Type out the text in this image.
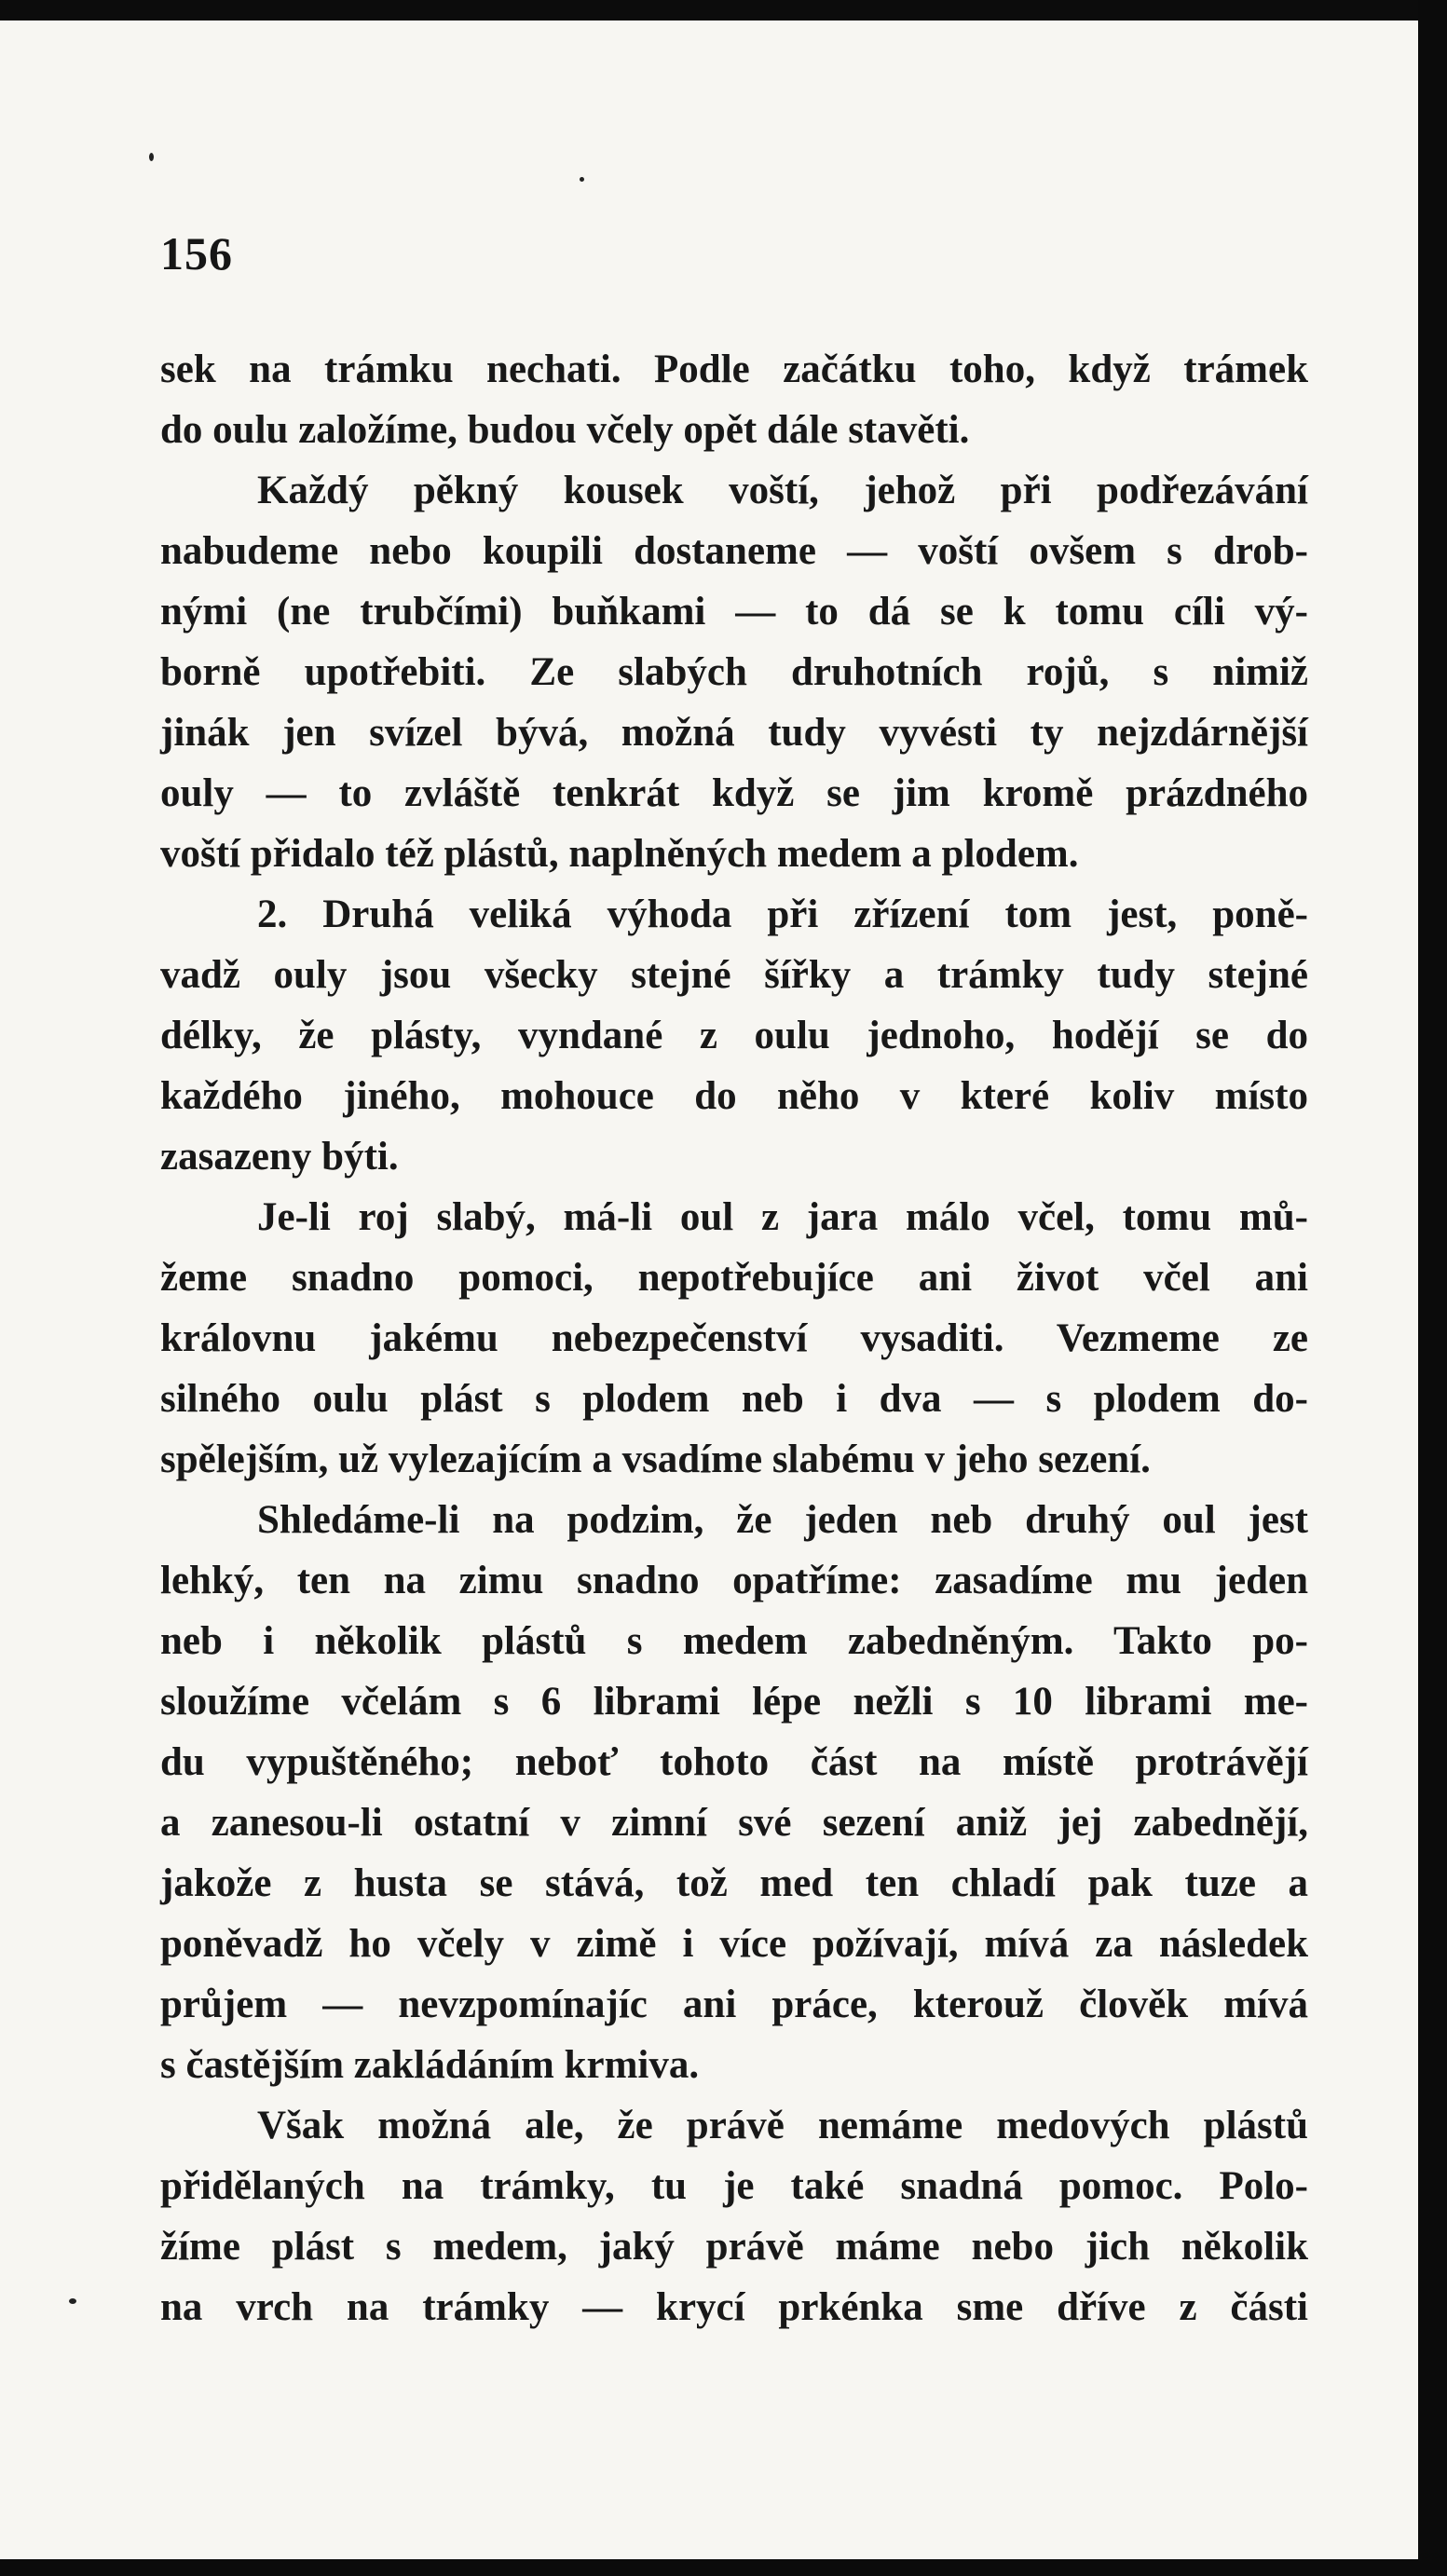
156
sek na trámku nechati. Podle začátku toho, když trámek
do oulu založíme, budou včely opět dále stavěti.
Každý pěkný kousek voští, jehož při podřezávání
nabudeme nebo koupili dostaneme — voští ovšem s drob-
nými (ne trubčími) buňkami — to dá se k tomu cíli vý-
borně upotřebiti. Ze slabých druhotních rojů, s nimiž
jinák jen svízel bývá, možná tudy vyvésti ty nejzdárnější
ouly — to zvláště tenkrát když se jim kromě prázdného
voští přidalo též plástů, naplněných medem a plodem.
2. Druhá veliká výhoda při zřízení tom jest, poně-
vadž ouly jsou všecky stejné šířky a trámky tudy stejné
délky, že plásty, vyndané z oulu jednoho, hodějí se do
každého jiného, mohouce do něho v které koliv místo
zasazeny býti.
Je-li roj slabý, má-li oul z jara málo včel, tomu mů-
žeme snadno pomoci, nepotřebujíce ani život včel ani
královnu jakému nebezpečenství vysaditi. Vezmeme ze
silného oulu plást s plodem neb i dva — s plodem do-
spělejším, už vylezajícím a vsadíme slabému v jeho sezení.
Shledáme-li na podzim, že jeden neb druhý oul jest
lehký, ten na zimu snadno opatříme: zasadíme mu jeden
neb i několik plástů s medem zabedněným. Takto po-
sloužíme včelám s 6 librami lépe nežli s 10 librami me-
du vypuštěného; neboť tohoto část na místě protrávějí
a zanesou-li ostatní v zimní své sezení aniž jej zabednějí,
jakože z husta se stává, tož med ten chladí pak tuze a
poněvadž ho včely v zimě i více požívají, mívá za následek
průjem — nevzpomínajíc ani práce, kterouž člověk mívá
s častějším zakládáním krmiva.
Však možná ale, že právě nemáme medových plástů
přidělaných na trámky, tu je také snadná pomoc. Polo-
žíme plást s medem, jaký právě máme nebo jich několik
na vrch na trámky — krycí prkénka sme dříve z části
